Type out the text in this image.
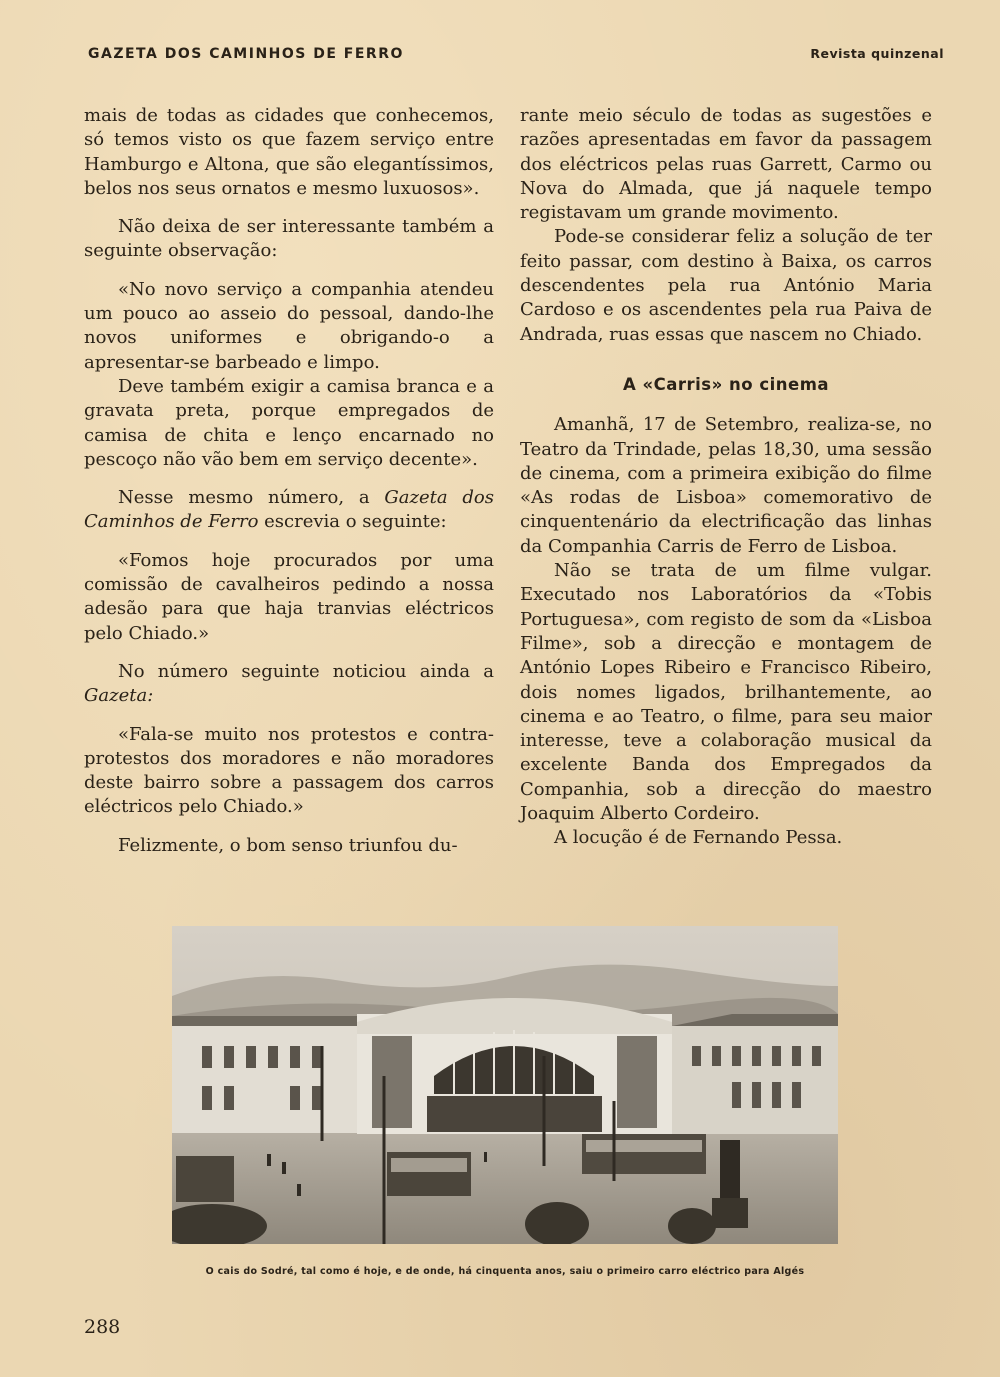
GAZETA DOS CAMINHOS DE FERRO	Revista quinzenal

mais de todas as cidades que conhecemos, só temos visto os que fazem serviço entre Hamburgo e Altona, que são elegantíssimos, belos nos seus ornatos e mesmo luxuosos».

Não deixa de ser interessante também a seguinte observação:

«No novo serviço a companhia atendeu um pouco ao asseio do pessoal, dando-lhe novos uniformes e obrigando-o a apresentar-se barbeado e limpo.

Deve também exigir a camisa branca e a gravata preta, porque empregados de camisa de chita e lenço encarnado no pescoço não vão bem em serviço decente».

Nesse mesmo número, a Gazeta dos Caminhos de Ferro escrevia o seguinte:

«Fomos hoje procurados por uma comissão de cavalheiros pedindo a nossa adesão para que haja tranvias eléctricos pelo Chiado.»

No número seguinte noticiou ainda a Gazeta:

«Fala-se muito nos protestos e contra-protestos dos moradores e não moradores deste bairro sobre a passagem dos carros eléctricos pelo Chiado.»

Felizmente, o bom senso triunfou du-

rante meio século de todas as sugestões e razões apresentadas em favor da passagem dos eléctricos pelas ruas Garrett, Carmo ou Nova do Almada, que já naquele tempo registavam um grande movimento.

Pode-se considerar feliz a solução de ter feito passar, com destino à Baixa, os carros descendentes pela rua António Maria Cardoso e os ascendentes pela rua Paiva de Andrada, ruas essas que nascem no Chiado.

A «Carris» no cinema

Amanhã, 17 de Setembro, realiza-se, no Teatro da Trindade, pelas 18,30, uma sessão de cinema, com a primeira exibição do filme «As rodas de Lisboa» comemorativo de cinquentenário da electrificação das linhas da Companhia Carris de Ferro de Lisboa.

Não se trata de um filme vulgar. Executado nos Laboratórios da «Tobis Portuguesa», com registo de som da «Lisboa Filme», sob a direcção e montagem de António Lopes Ribeiro e Francisco Ribeiro, dois nomes ligados, brilhantemente, ao cinema e ao Teatro, o filme, para seu maior interesse, teve a colaboração musical da excelente Banda dos Empregados da Companhia, sob a direcção do maestro Joaquim Alberto Cordeiro.

A locução é de Fernando Pessa.

O cais do Sodré, tal como é hoje, e de onde, há cinquenta anos, saiu o primeiro carro eléctrico para Algés
288
